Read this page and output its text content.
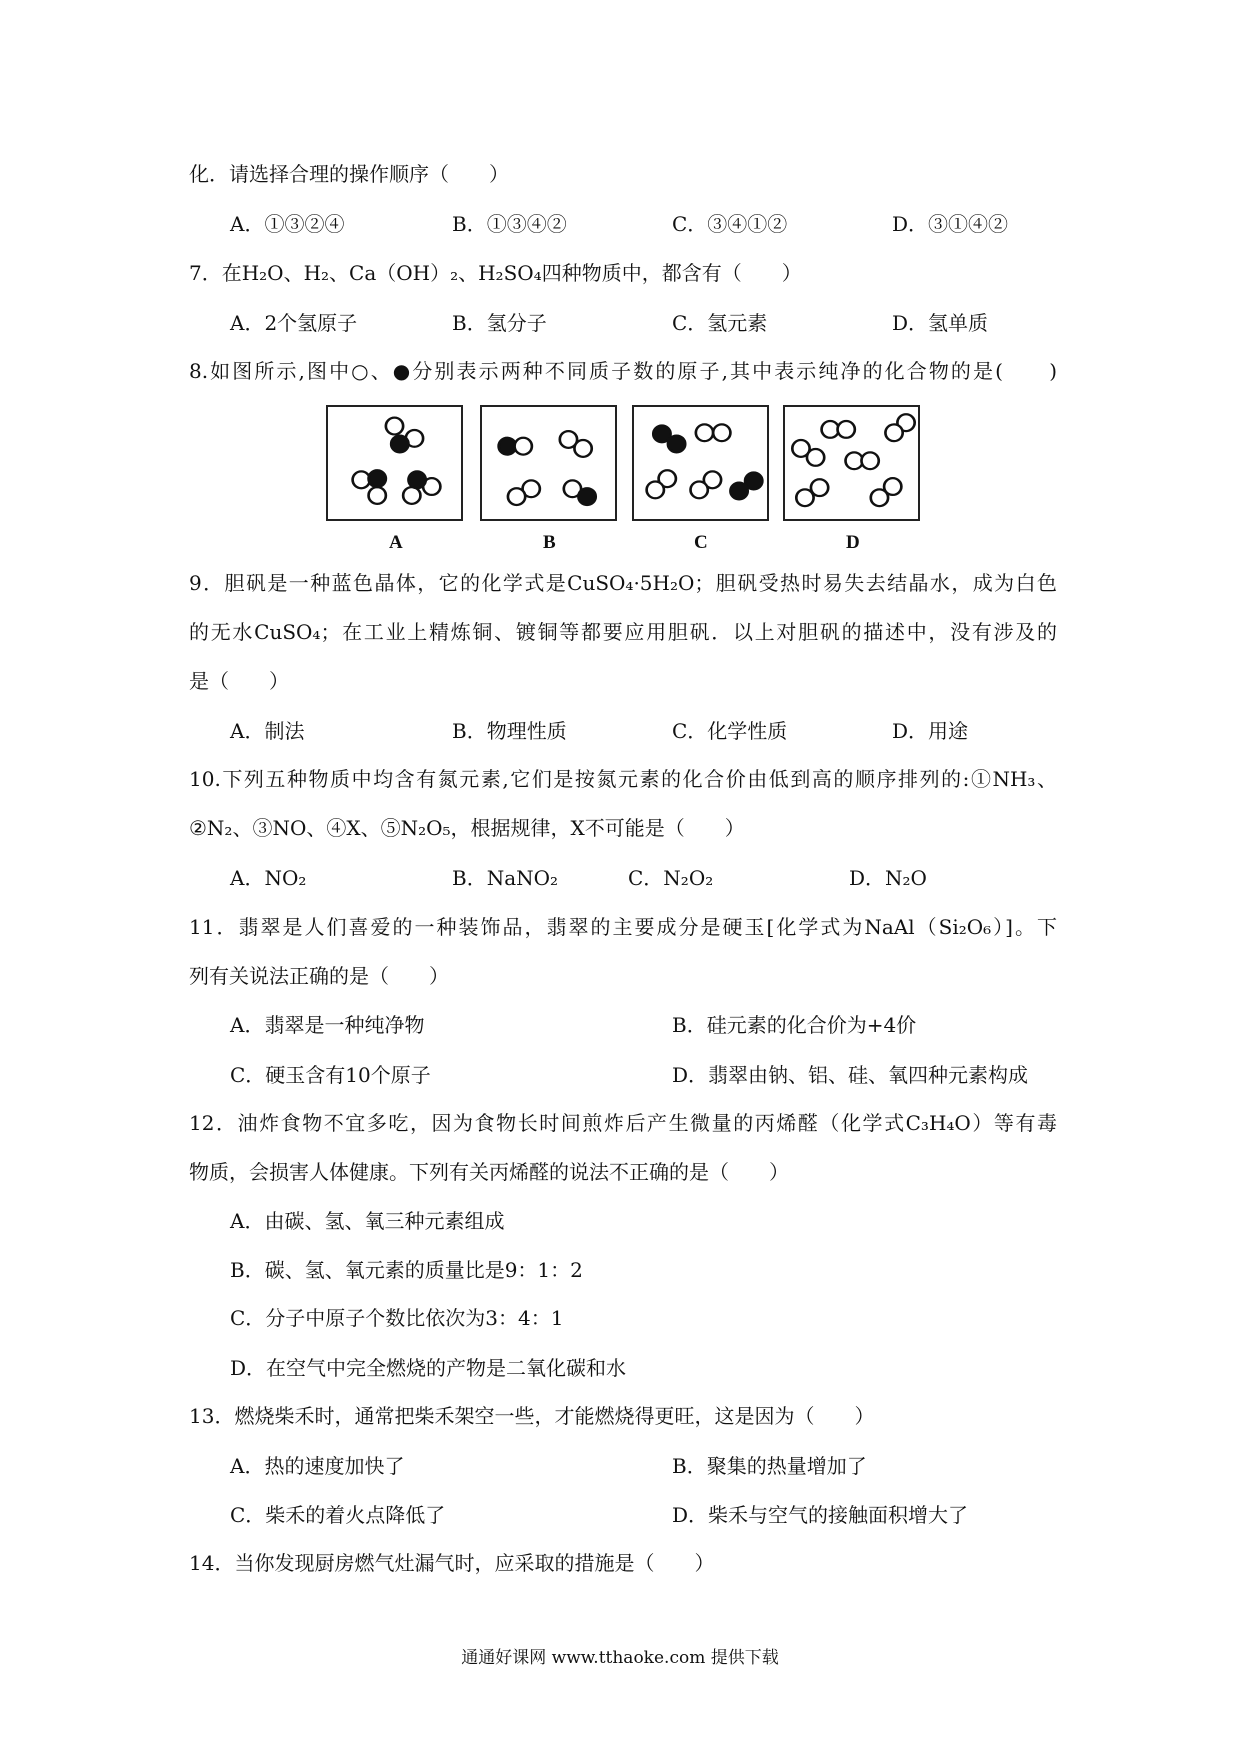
化．请选择合理的操作顺序（　　）
A．①③②④	B．①③④②	C．③④①②	D．③①④②
7．在H₂O、H₂、Ca（OH）₂、H₂SO₄四种物质中，都含有（　　）
A．2个氢原子	B．氢分子	C．氢元素	D．氢单质
8.如图所示,图中○、●分别表示两种不同质子数的原子,其中表示纯净的化合物的是(　　)
A	B	C	D
9．胆矾是一种蓝色晶体，它的化学式是CuSO₄·5H₂O；胆矾受热时易失去结晶水，成为白色
的无水CuSO₄；在工业上精炼铜、镀铜等都要应用胆矾．以上对胆矾的描述中，没有涉及的
是（　　）
A．制法	B．物理性质	C．化学性质	D．用途
10.下列五种物质中均含有氮元素,它们是按氮元素的化合价由低到高的顺序排列的:①NH₃、
②N₂、③NO、④X、⑤N₂O₅，根据规律，X不可能是（　　）
A．NO₂	B．NaNO₂	C．N₂O₂	D．N₂O
11．翡翠是人们喜爱的一种装饰品，翡翠的主要成分是硬玉[化学式为NaAl（Si₂O₆）]。下
列有关说法正确的是（　　）
A．翡翠是一种纯净物	B．硅元素的化合价为+4价
C．硬玉含有10个原子	D．翡翠由钠、铝、硅、氧四种元素构成
12．油炸食物不宜多吃，因为食物长时间煎炸后产生微量的丙烯醛（化学式C₃H₄O）等有毒
物质，会损害人体健康。下列有关丙烯醛的说法不正确的是（　　）
A．由碳、氢、氧三种元素组成
B．碳、氢、氧元素的质量比是9：1：2
C．分子中原子个数比依次为3：4：1
D．在空气中完全燃烧的产物是二氧化碳和水
13．燃烧柴禾时，通常把柴禾架空一些，才能燃烧得更旺，这是因为（　　）
A．热的速度加快了	B．聚集的热量增加了
C．柴禾的着火点降低了	D．柴禾与空气的接触面积增大了
14．当你发现厨房燃气灶漏气时，应采取的措施是（　　）
通通好课网 www.tthaoke.com 提供下载
